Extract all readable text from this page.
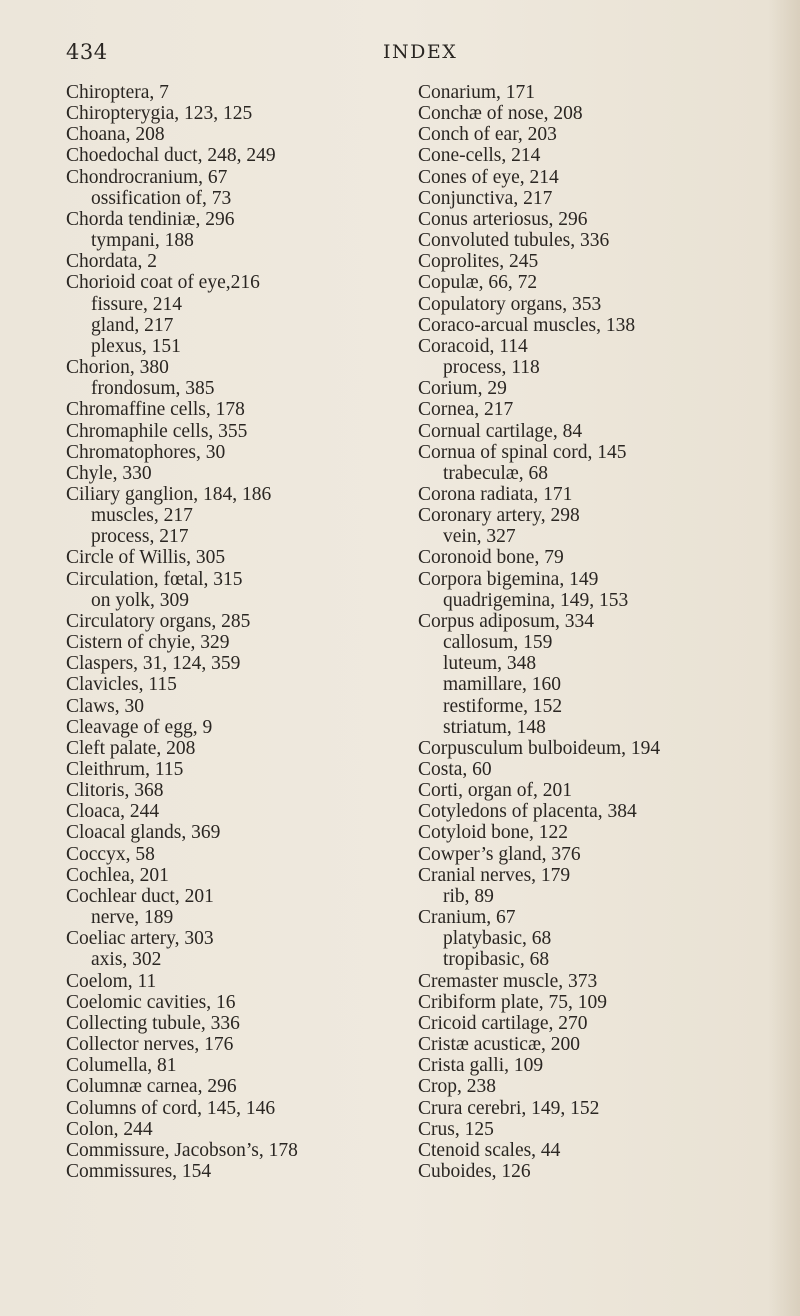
434	INDEX
Chiroptera, 7
Chiropterygia, 123, 125
Choana, 208
Choedochal duct, 248, 249
Chondrocranium, 67
ossification of, 73
Chorda tendiniæ, 296
tympani, 188
Chordata, 2
Chorioid coat of eye,216
fissure, 214
gland, 217
plexus, 151
Chorion, 380
frondosum, 385
Chromaffine cells, 178
Chromaphile cells, 355
Chromatophores, 30
Chyle, 330
Ciliary ganglion, 184, 186
muscles, 217
process, 217
Circle of Willis, 305
Circulation, fœtal, 315
on yolk, 309
Circulatory organs, 285
Cistern of chyie, 329
Claspers, 31, 124, 359
Clavicles, 115
Claws, 30
Cleavage of egg, 9
Cleft palate, 208
Cleithrum, 115
Clitoris, 368
Cloaca, 244
Cloacal glands, 369
Coccyx, 58
Cochlea, 201
Cochlear duct, 201
nerve, 189
Coeliac artery, 303
axis, 302
Coelom, 11
Coelomic cavities, 16
Collecting tubule, 336
Collector nerves, 176
Columella, 81
Columnæ carnea, 296
Columns of cord, 145, 146
Colon, 244
Commissure, Jacobson’s, 178
Commissures, 154
Conarium, 171
Conchæ of nose, 208
Conch of ear, 203
Cone-cells, 214
Cones of eye, 214
Conjunctiva, 217
Conus arteriosus, 296
Convoluted tubules, 336
Coprolites, 245
Copulæ, 66, 72
Copulatory organs, 353
Coraco-arcual muscles, 138
Coracoid, 114
process, 118
Corium, 29
Cornea, 217
Cornual cartilage, 84
Cornua of spinal cord, 145
trabeculæ, 68
Corona radiata, 171
Coronary artery, 298
vein, 327
Coronoid bone, 79
Corpora bigemina, 149
quadrigemina, 149, 153
Corpus adiposum, 334
callosum, 159
luteum, 348
mamillare, 160
restiforme, 152
striatum, 148
Corpusculum bulboideum, 194
Costa, 60
Corti, organ of, 201
Cotyledons of placenta, 384
Cotyloid bone, 122
Cowper’s gland, 376
Cranial nerves, 179
rib, 89
Cranium, 67
platybasic, 68
tropibasic, 68
Cremaster muscle, 373
Cribiform plate, 75, 109
Cricoid cartilage, 270
Cristæ acusticæ, 200
Crista galli, 109
Crop, 238
Crura cerebri, 149, 152
Crus, 125
Ctenoid scales, 44
Cuboides, 126
